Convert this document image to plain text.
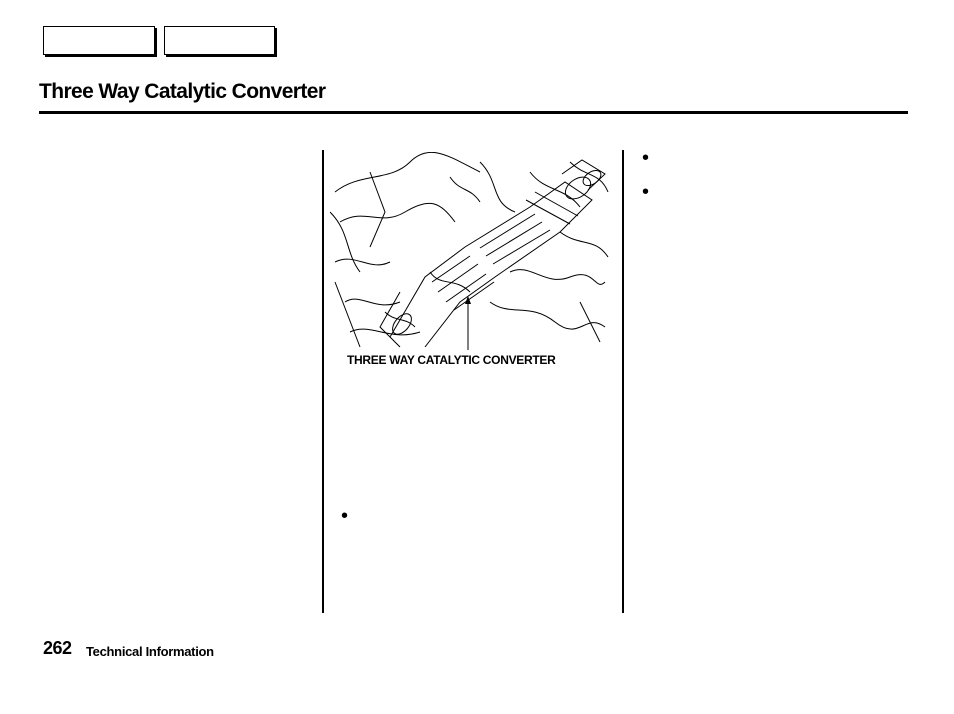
Three Way Catalytic Converter
THREE WAY CATALYTIC CONVERTER
•
•
•
262 Technical Information
